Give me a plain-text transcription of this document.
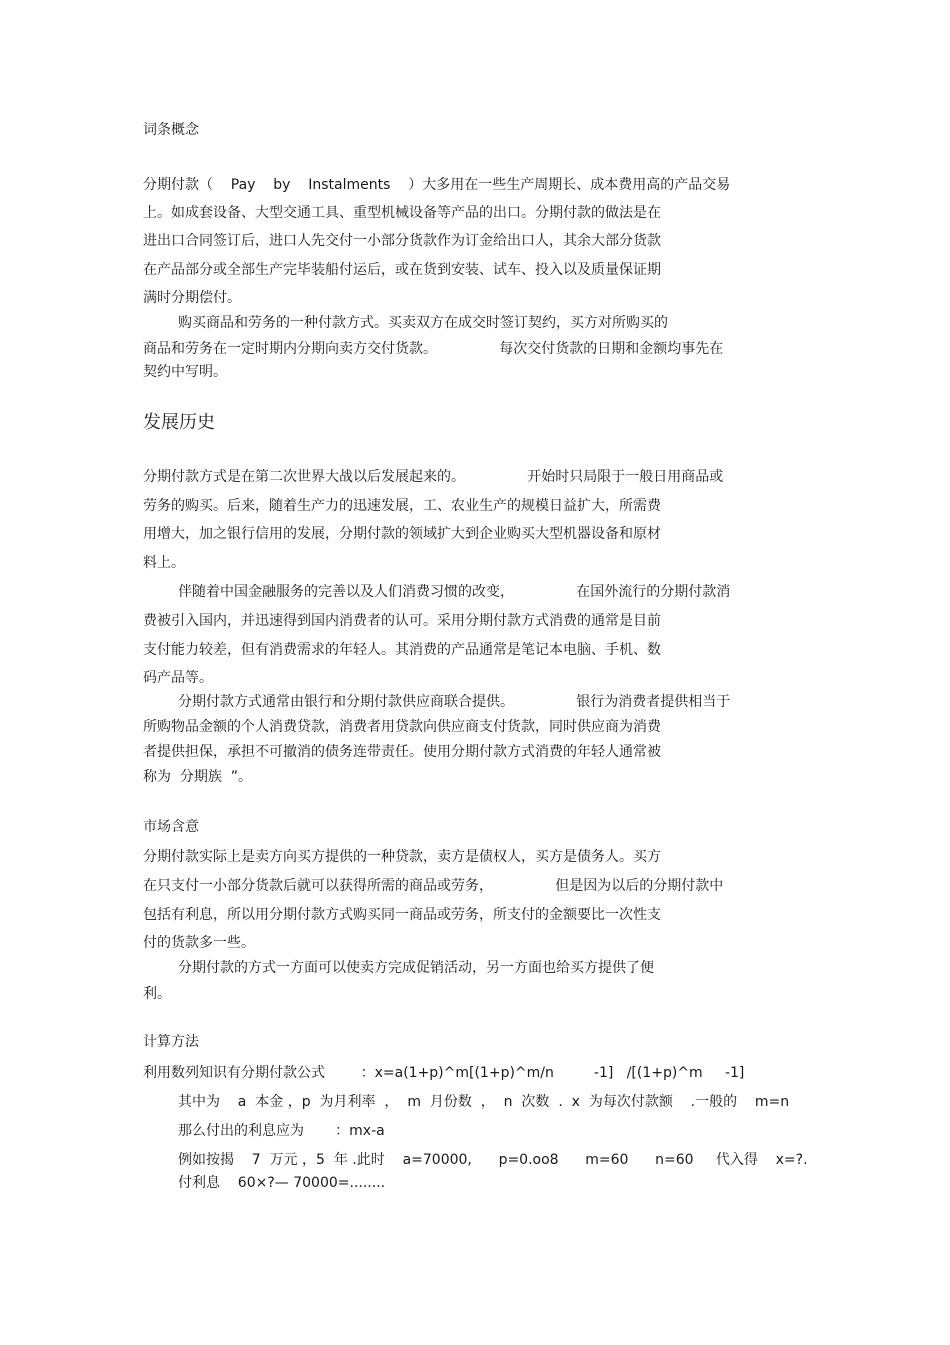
词条概念
分期付款（    Pay    by    Instalments    ）大多用在一些生产周期长、成本费用高的产品交易
上。如成套设备、大型交通工具、重型机械设备等产品的出口。分期付款的做法是在
进出口合同签订后，进口人先交付一小部分货款作为订金给出口人，其余大部分货款
在产品部分或全部生产完毕装船付运后，或在货到安装、试车、投入以及质量保证期
满时分期偿付。
购买商品和劳务的一种付款方式。买卖双方在成交时签订契约，买方对所购买的
商品和劳务在一定时期内分期向卖方交付货款。              每次交付货款的日期和金额均事先在
契约中写明。
发展历史
分期付款方式是在第二次世界大战以后发展起来的。              开始时只局限于一般日用商品或
劳务的购买。后来，随着生产力的迅速发展，工、农业生产的规模日益扩大，所需费
用增大，加之银行信用的发展，分期付款的领域扩大到企业购买大型机器设备和原材
料上。
伴随着中国金融服务的完善以及人们消费习惯的改变，              在国外流行的分期付款消
费被引入国内，并迅速得到国内消费者的认可。采用分期付款方式消费的通常是目前
支付能力较差，但有消费需求的年轻人。其消费的产品通常是笔记本电脑、手机、数
码产品等。
分期付款方式通常由银行和分期付款供应商联合提供。              银行为消费者提供相当于
所购物品金额的个人消费贷款，消费者用贷款向供应商支付货款，同时供应商为消费
者提供担保，承担不可撤消的债务连带责任。使用分期付款方式消费的年轻人通常被
称为  分期族  ”。
市场含意
分期付款实际上是卖方向买方提供的一种贷款，卖方是债权人，买方是债务人。买方
在只支付一小部分货款后就可以获得所需的商品或劳务，              但是因为以后的分期付款中
包括有利息，所以用分期付款方式购买同一商品或劳务，所支付的金额要比一次性支
付的货款多一些。
分期付款的方式一方面可以使卖方完成促销活动，另一方面也给买方提供了便
利。
计算方法
利用数列知识有分期付款公式        ：x=a(1+p)^m[(1+p)^m/n         -1]   /[(1+p)^m     -1]
其中为    a  本金 ，p  为月利率  ，  m  月份数  ，  n  次数  .  x  为每次付款额    .一般的    m=n
那么付出的利息应为       ：mx-a
例如按揭    7  万元 ，5  年 .此时    a=70000,      p=0.oo8      m=60      n=60     代入得    x=?.
付利息    60×?— 70000=........
